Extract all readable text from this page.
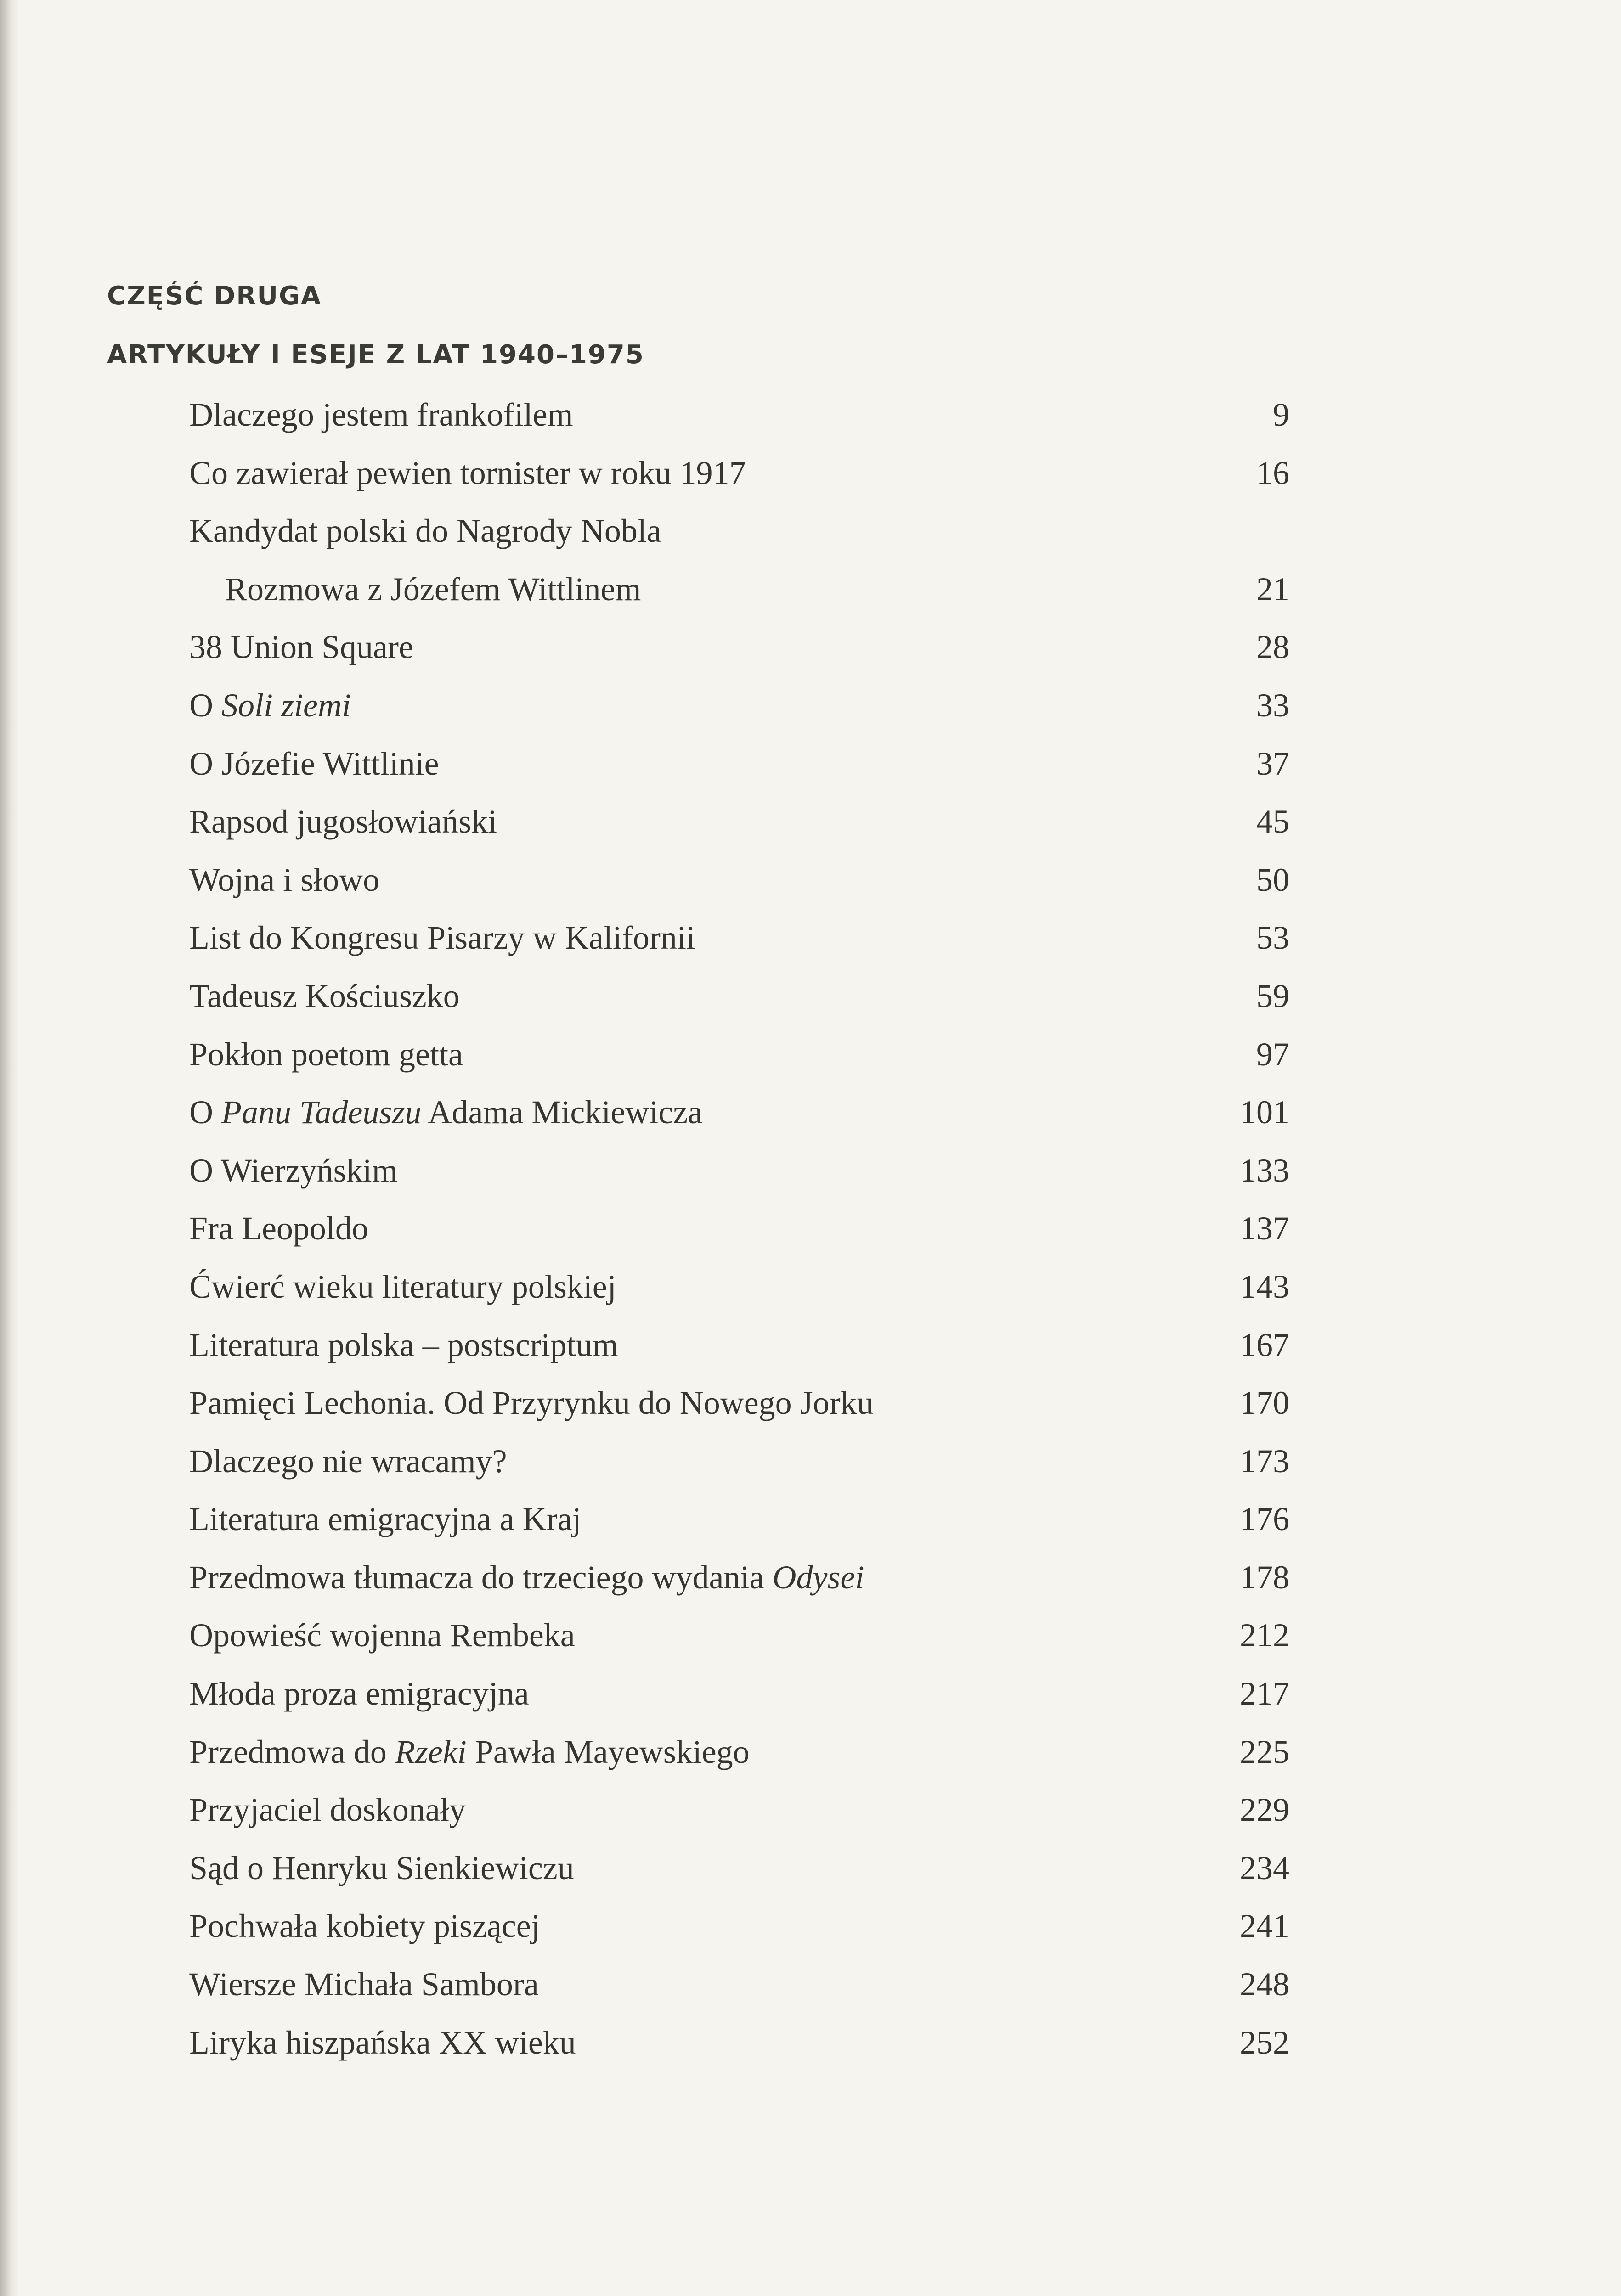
CZĘŚĆ DRUGA
ARTYKUŁY I ESEJE Z LAT 1940–1975
Dlaczego jestem frankofilem	9
Co zawierał pewien tornister w roku 1917	16
Kandydat polski do Nagrody Nobla
Rozmowa z Józefem Wittlinem	21
38 Union Square	28
O Soli ziemi	33
O Józefie Wittlinie	37
Rapsod jugosłowiański	45
Wojna i słowo	50
List do Kongresu Pisarzy w Kalifornii	53
Tadeusz Kościuszko	59
Pokłon poetom getta	97
O Panu Tadeuszu Adama Mickiewicza	101
O Wierzyńskim	133
Fra Leopoldo	137
Ćwierć wieku literatury polskiej	143
Literatura polska – postscriptum	167
Pamięci Lechonia. Od Przyrynku do Nowego Jorku	170
Dlaczego nie wracamy?	173
Literatura emigracyjna a Kraj	176
Przedmowa tłumacza do trzeciego wydania Odysei	178
Opowieść wojenna Rembeka	212
Młoda proza emigracyjna	217
Przedmowa do Rzeki Pawła Mayewskiego	225
Przyjaciel doskonały	229
Sąd o Henryku Sienkiewiczu	234
Pochwała kobiety piszącej	241
Wiersze Michała Sambora	248
Liryka hiszpańska XX wieku	252
